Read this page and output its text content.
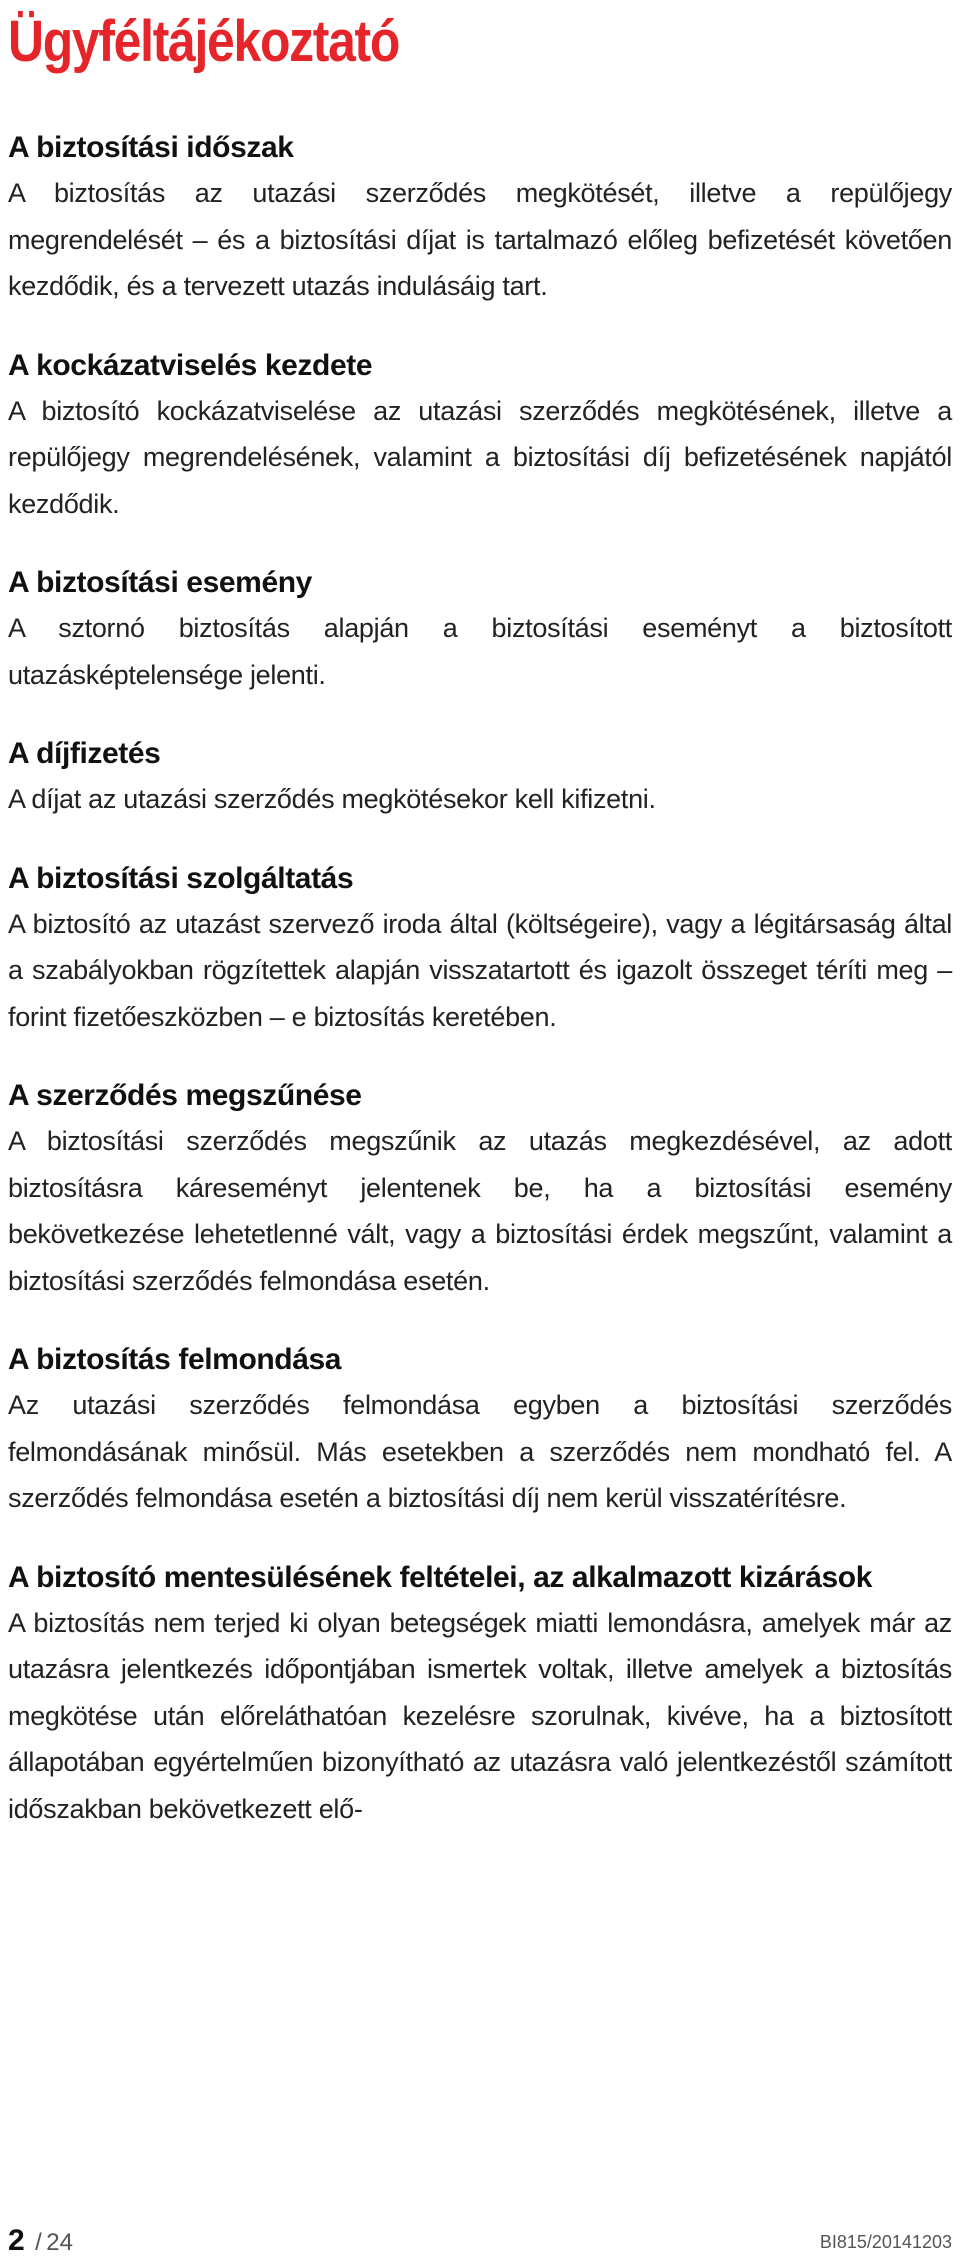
Ügyféltájékoztató
A biztosítási időszak

A biztosítás az utazási szerződés megkötését, illetve a repülőjegy megrendelését – és a biztosítási díjat is tartalmazó előleg befizetését követően kezdődik, és a tervezett utazás indulásáig tart.

A kockázatviselés kezdete

A biztosító kockázatviselése az utazási szerződés megkötésének, illetve a repülőjegy megrendelésének, valamint a biztosítási díj befizetésének napjától kezdődik.

A biztosítási esemény

A sztornó biztosítás alapján a biztosítási eseményt a biztosított utazásképtelensége jelenti.

A díjfizetés

A díjat az utazási szerződés megkötésekor kell kifizetni.

A biztosítási szolgáltatás

A biztosító az utazást szervező iroda által (költségeire), vagy a légitársaság által a szabályokban rögzítettek alapján visszatartott és igazolt összeget téríti meg – forint fizetőeszközben – e biztosítás keretében.

A szerződés megszűnése

A biztosítási szerződés megszűnik az utazás megkezdésével, az adott biztosításra káreseményt jelentenek be, ha a biztosítási esemény bekövetkezése lehetetlenné vált, vagy a biztosítási érdek megszűnt, valamint a biztosítási szerződés felmondása esetén.

A biztosítás felmondása

Az utazási szerződés felmondása egyben a biztosítási szerződés felmondásának minősül. Más esetekben a szerződés nem mondható fel. A szerződés felmondása esetén a biztosítási díj nem kerül visszatérítésre.

A biztosító mentesülésének feltételei, az alkalmazott kizárások

A biztosítás nem terjed ki olyan betegségek miatti lemondásra, amelyek már az utazásra jelentkezés időpontjában ismertek voltak, illetve amelyek a biztosítás megkötése után előreláthatóan kezelésre szorulnak, kivéve, ha a biztosított állapotában egyértelműen bizonyítható az utazásra való jelentkezéstől számított időszakban bekövetkezett elő-

2 / 24	BI815/20141203
